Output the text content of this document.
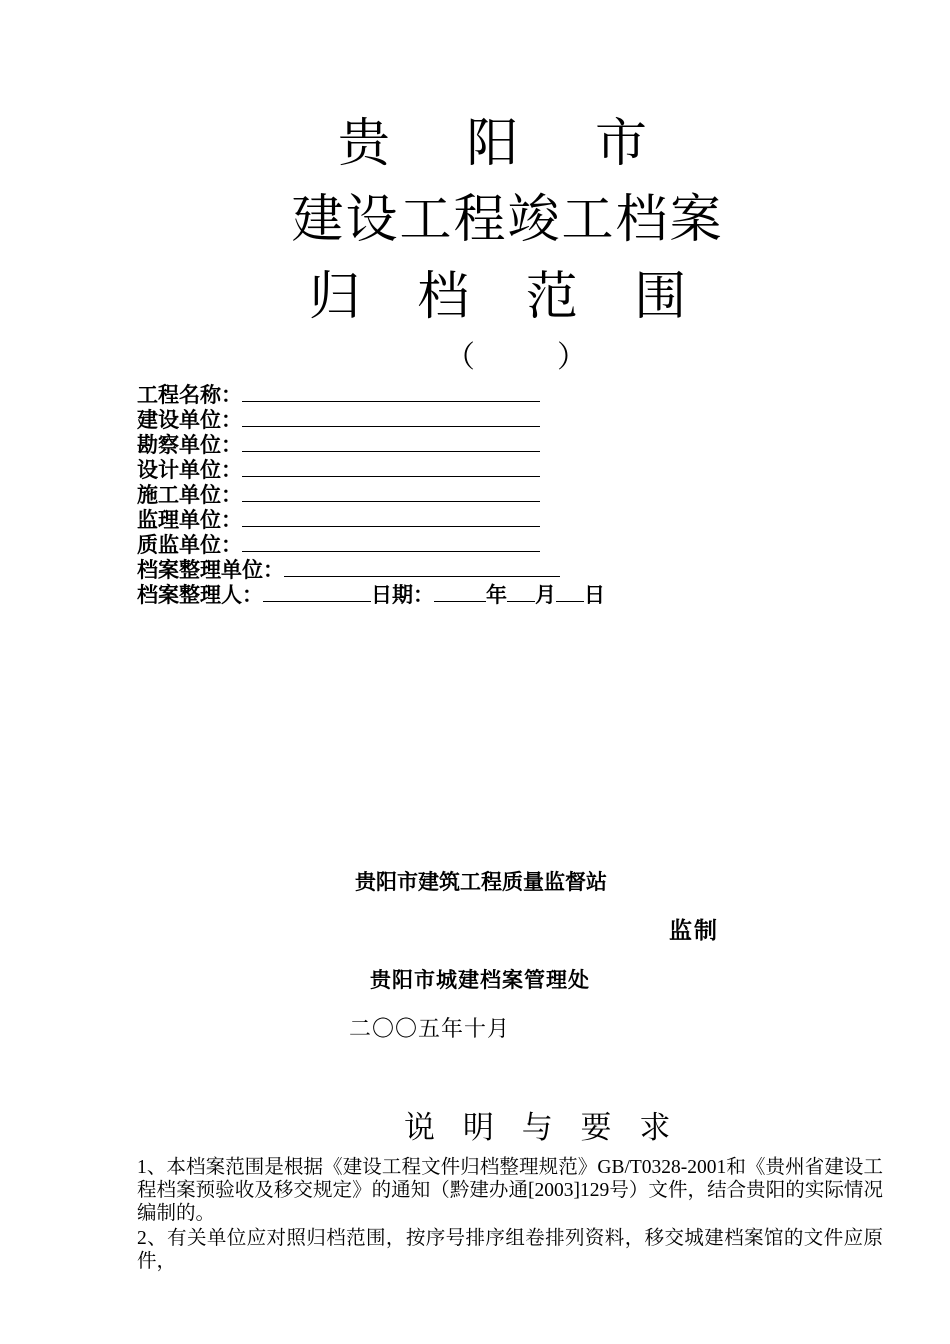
贵 阳 市
建设工程竣工档案
归 档 范 围
（	）
工程名称：
建设单位：
勘察单位：
设计单位：
施工单位：
监理单位：
质监单位：
档案整理单位：
档案整理人：	日期： 年 月 日
贵阳市建筑工程质量监督站
监制
贵阳市城建档案管理处
二〇〇五年十月
说 明 与 要 求
1、本档案范围是根据《建设工程文件归档整理规范》GB/T0328-2001和《贵州省建设工程档案预验收及移交规定》的通知（黔建办通[2003]129号）文件，结合贵阳的实际情况编制的。
2、有关单位应对照归档范围，按序号排序组卷排列资料，移交城建档案馆的文件应原件，
